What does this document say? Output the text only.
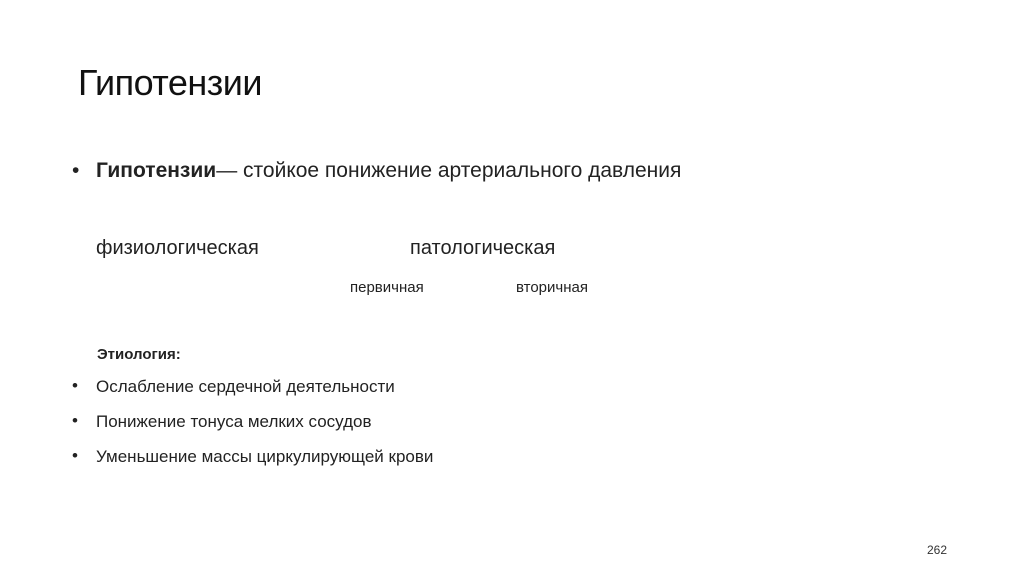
Гипотензии
• Гипотензии— стойкое понижение артериального давления
физиологическая	патологическая
первичная	вторичная
Этиология:
• Ослабление сердечной деятельности
• Понижение тонуса мелких сосудов
• Уменьшение массы циркулирующей крови
262
